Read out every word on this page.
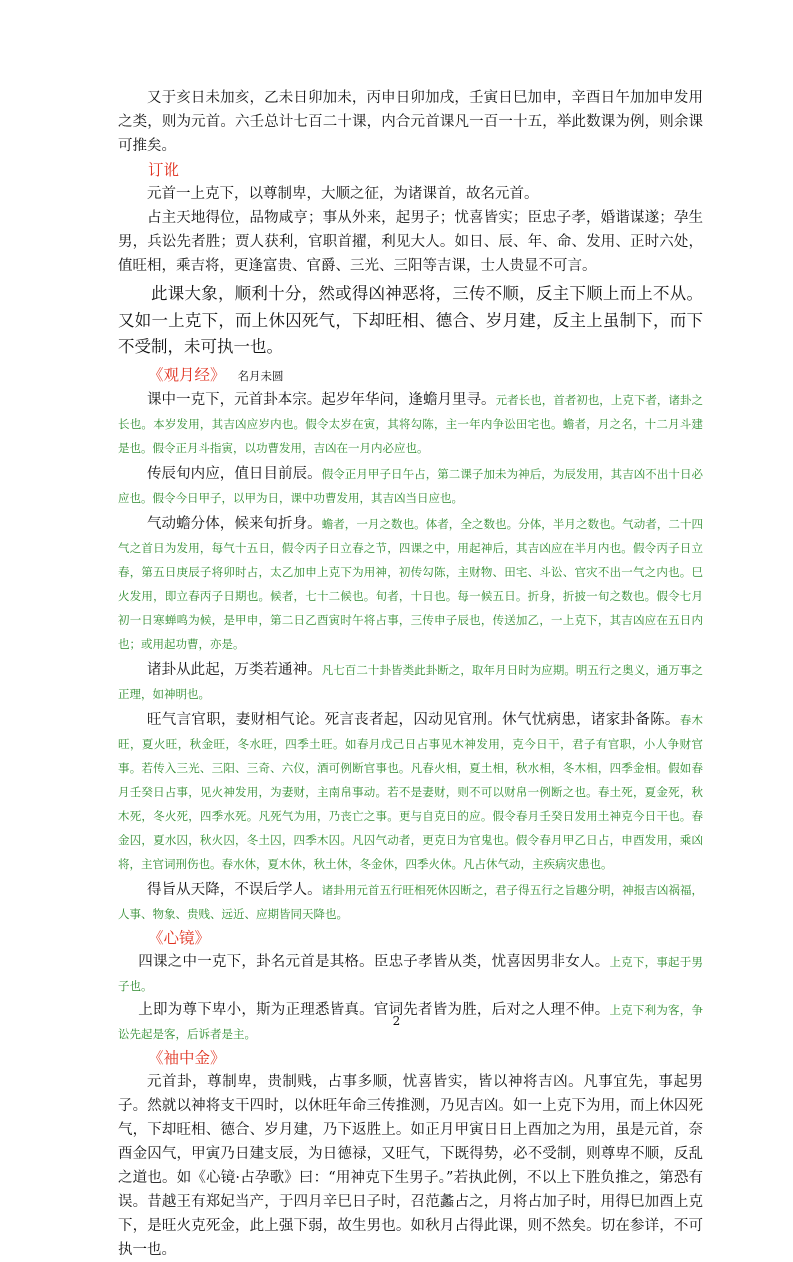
又于亥日未加亥，乙未日卯加未，丙申日卯加戌，壬寅日巳加申，辛酉日午加加申发用之类，则为元首。六壬总计七百二十课，内合元首课凡一百一十五，举此数课为例，则余课可推矣。

订讹

元首一上克下，以尊制卑，大顺之征，为诸课首，故名元首。

占主天地得位，品物咸亨；事从外来，起男子；忧喜皆实；臣忠子孝，婚谐谋遂；孕生男，兵讼先者胜；贾人获利，官职首擢，利见大人。如日、辰、年、命、发用、正时六处，值旺相，乘吉将，更逢富贵、官爵、三光、三阳等吉课，士人贵显不可言。

此课大象，顺利十分，然或得凶神恶将，三传不顺，反主下顺上而上不从。又如一上克下，而上休囚死气，下却旺相、德合、岁月建，反主上虽制下，而下不受制，未可执一也。

《观月经》 名月未圆

课中一克下，元首卦本宗。起岁年华问，逢蟾月里寻。元者长也，首者初也，上克下者，诸卦之长也。本岁发用，其吉凶应岁内也。假令太岁在寅，其将勾陈，主一年内争讼田宅也。蟾者，月之名，十二月斗建是也。假令正月斗指寅，以功曹发用，吉凶在一月内必应也。

传辰旬内应，值日目前辰。假令正月甲子日午占，第二课子加未为神后，为辰发用，其吉凶不出十日必应也。假令今日甲子，以甲为日，课中功曹发用，其吉凶当日应也。

气动蟾分体，候来旬折身。蟾者，一月之数也。体者，全之数也。分体，半月之数也。气动者，二十四气之首日为发用，每气十五日，假令丙子日立春之节，四课之中，用起神后，其吉凶应在半月内也。假令丙子日立春，第五日庚辰子将卯时占，太乙加申上克下为用神，初传勾陈，主财物、田宅、斗讼、官灾不出一气之内也。巳火发用，即立春丙子日期也。候者，七十二候也。旬者，十日也。每一候五日。折身，折披一旬之数也。假令七月初一日寒蝉鸣为候，是甲申，第二日乙酉寅时午将占事，三传申子辰也，传送加乙，一上克下，其吉凶应在五日内也；或用起功曹，亦是。

诸卦从此起，万类若通神。凡七百二十卦皆类此卦断之，取年月日时为应期。明五行之奥义，通万事之正理，如神明也。

旺气言官职，妻财相气论。死言丧者起，囚动见官刑。休气忧病患，诸家卦备陈。春木旺，夏火旺，秋金旺，冬水旺，四季土旺。如春月戊己日占事见木神发用，克今日干，君子有官职，小人争财官事。若传入三光、三阳、三奇、六仪，酒可例断官事也。凡春火相，夏土相，秋水相，冬木相，四季金相。假如春月壬癸日占事，见火神发用，为妻财，主南帛事动。若不是妻财，则不可以财帛一例断之也。春土死，夏金死，秋木死，冬火死，四季水死。凡死气为用，乃丧亡之事。更与自克日的应。假令春月壬癸日发用土神克今日干也。春金囚，夏水囚，秋火囚，冬土囚，四季木囚。凡囚气动者，更克日为官鬼也。假令春月甲乙日占，申酉发用，乘凶将，主官词刑伤也。春水休，夏木休，秋土休，冬金休，四季火休。凡占休气动，主疾病灾患也。

得旨从天降，不误后学人。诸卦用元首五行旺相死休囚断之，君子得五行之旨趣分明，神报吉凶祸福，人事、物象、贵贱、远近、应期皆同天降也。

《心镜》

四课之中一克下，卦名元首是其格。臣忠子孝皆从类，忧喜因男非女人。上克下，事起于男子也。

上即为尊下卑小，斯为正理悉皆真。官词先者皆为胜，后对之人理不伸。上克下利为客，争讼先起是客，后诉者是主。

《袖中金》

元首卦，尊制卑，贵制贱，占事多顺，忧喜皆实，皆以神将吉凶。凡事宜先，事起男子。然就以神将支干四时，以休旺年命三传推测，乃见吉凶。如一上克下为用，而上休囚死气，下却旺相、德合、岁月建，乃下返胜上。如正月甲寅日日上酉加之为用，虽是元首，奈酉金囚气，甲寅乃日建支辰，为日德禄，又旺气，下既得势，必不受制，则尊卑不顺，反乱之道也。如《心镜·占孕歌》曰：“用神克下生男子。”若执此例，不以上下胜负推之，第恐有误。昔越王有郑妃当产，于四月辛巳日子时，召范蠡占之，月将占加子时，用得巳加酉上克下，是旺火克死金，此上强下弱，故生男也。如秋月占得此课，则不然矣。切在参详，不可执一也。

2
